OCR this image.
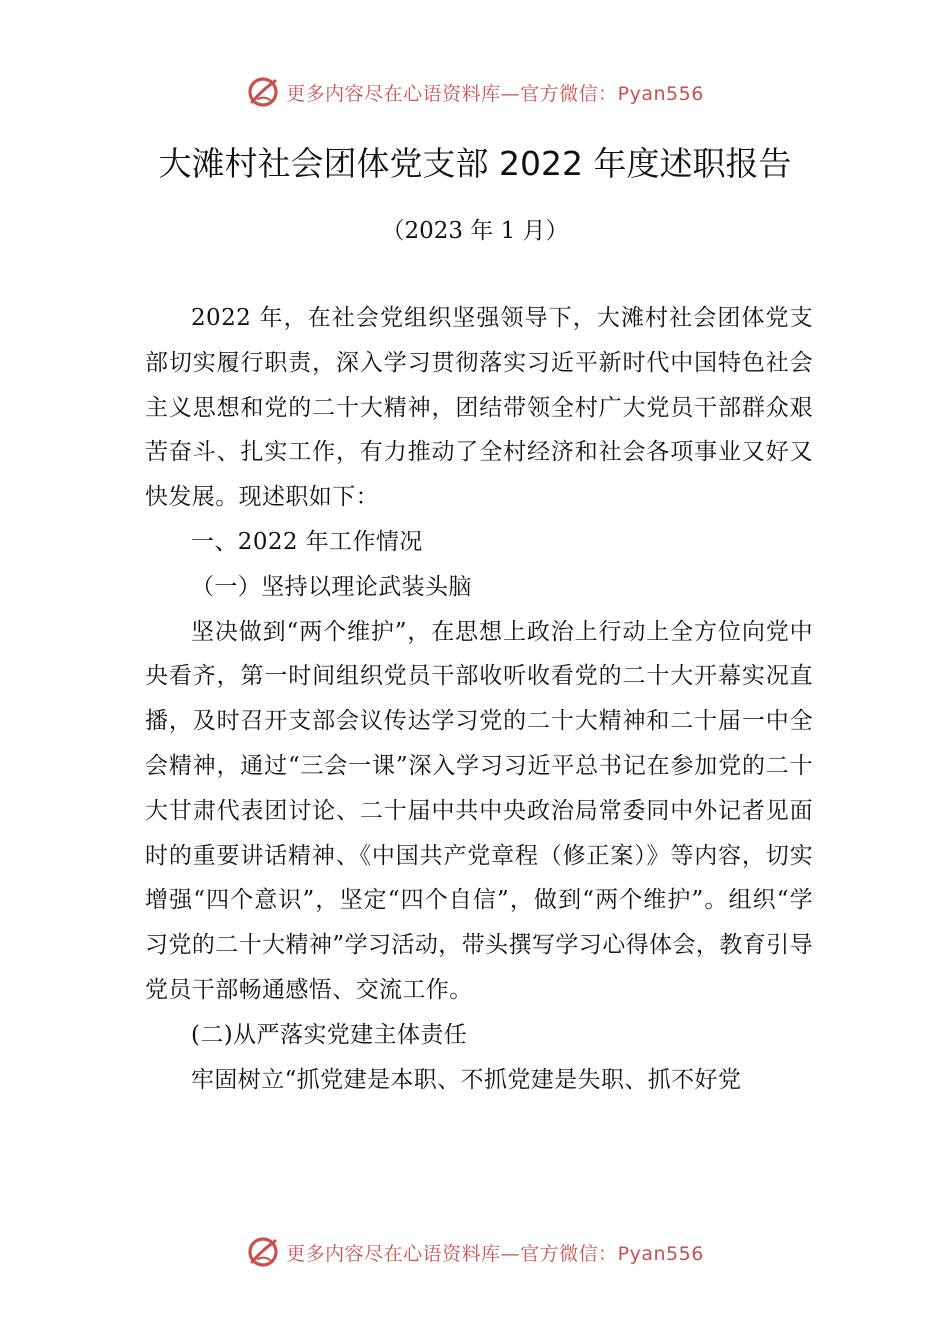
更多内容尽在心语资料库—官方微信：Pyan556
大滩村社会团体党支部 2022 年度述职报告
（2023 年 1 月）

2022 年，在社会党组织坚强领导下，大滩村社会团体党支部切实履行职责，深入学习贯彻落实习近平新时代中国特色社会主义思想和党的二十大精神，团结带领全村广大党员干部群众艰苦奋斗、扎实工作，有力推动了全村经济和社会各项事业又好又快发展。现述职如下：

一、2022 年工作情况

（一）坚持以理论武装头脑

坚决做到“两个维护”，在思想上政治上行动上全方位向党中央看齐，第一时间组织党员干部收听收看党的二十大开幕实况直播，及时召开支部会议传达学习党的二十大精神和二十届一中全会精神，通过“三会一课”深入学习习近平总书记在参加党的二十大甘肃代表团讨论、二十届中共中央政治局常委同中外记者见面时的重要讲话精神、《中国共产党章程（修正案）》等内容，切实增强“四个意识”，坚定“四个自信”，做到“两个维护”。组织“学习党的二十大精神”学习活动，带头撰写学习心得体会，教育引导党员干部畅通感悟、交流工作。

(二)从严落实党建主体责任

牢固树立“抓党建是本职、不抓党建是失职、抓不好党

更多内容尽在心语资料库—官方微信：Pyan556
